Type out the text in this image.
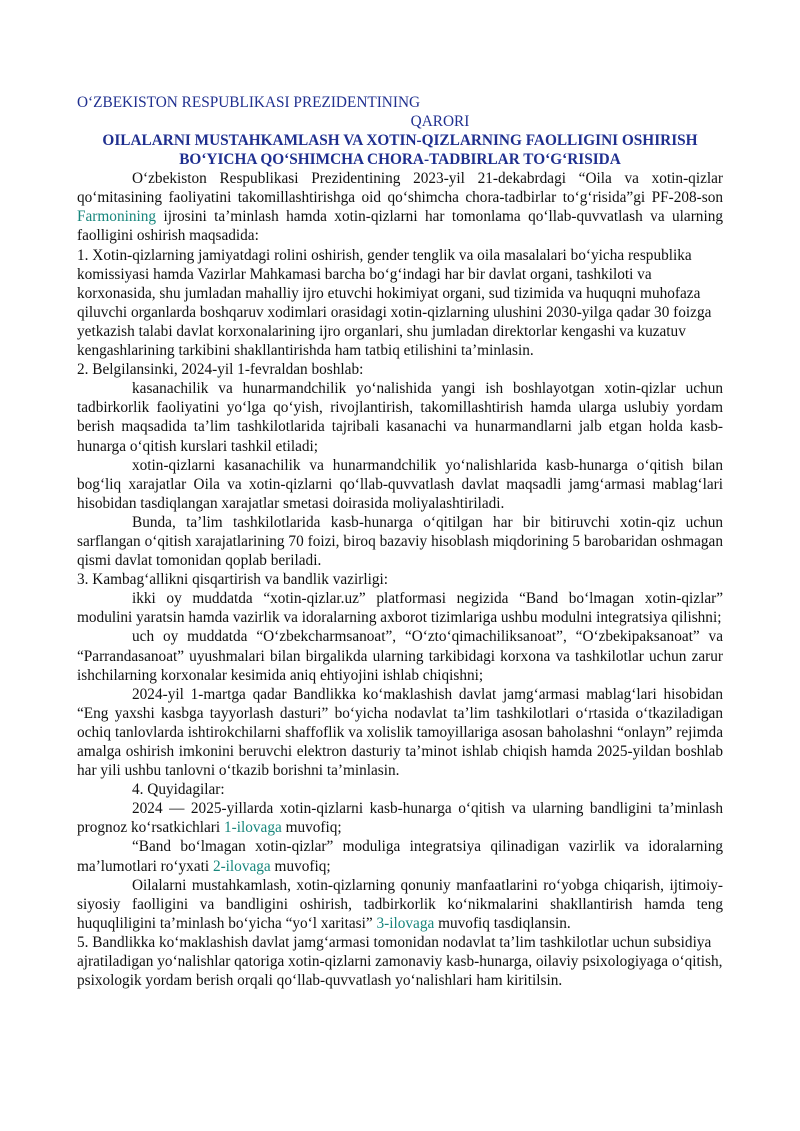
O‘ZBEKISTON RESPUBLIKASI PREZIDENTINING
QARORI
OILALARNI MUSTAHKAMLASH VA XOTIN-QIZLARNING FAOLLIGINI OSHIRISH
BO‘YICHA QO‘SHIMCHA CHORA-TADBIRLAR TO‘G‘RISIDA

O‘zbekiston Respublikasi Prezidentining 2023-yil 21-dekabrdagi “Oila va xotin-qizlar qo‘mitasining faoliyatini takomillashtirishga oid qo‘shimcha chora-tadbirlar to‘g‘risida”gi PF-208-son Farmonining ijrosini ta’minlash hamda xotin-qizlarni har tomonlama qo‘llab-quvvatlash va ularning faolligini oshirish maqsadida:

1. Xotin-qizlarning jamiyatdagi rolini oshirish, gender tenglik va oila masalalari bo‘yicha respublika komissiyasi hamda Vazirlar Mahkamasi barcha bo‘g‘indagi har bir davlat organi, tashkiloti va korxonasida, shu jumladan mahalliy ijro etuvchi hokimiyat organi, sud tizimida va huquqni muhofaza qiluvchi organlarda boshqaruv xodimlari orasidagi xotin-qizlarning ulushini 2030-yilga qadar 30 foizga yetkazish talabi davlat korxonalarining ijro organlari, shu jumladan direktorlar kengashi va kuzatuv kengashlarining tarkibini shakllantirishda ham tatbiq etilishini ta’minlasin.

2. Belgilansinki, 2024-yil 1-fevraldan boshlab:

kasanachilik va hunarmandchilik yo‘nalishida yangi ish boshlayotgan xotin-qizlar uchun tadbirkorlik faoliyatini yo‘lga qo‘yish, rivojlantirish, takomillashtirish hamda ularga uslubiy yordam berish maqsadida ta’lim tashkilotlarida tajribali kasanachi va hunarmandlarni jalb etgan holda kasb-hunarga o‘qitish kurslari tashkil etiladi;

xotin-qizlarni kasanachilik va hunarmandchilik yo‘nalishlarida kasb-hunarga o‘qitish bilan bog‘liq xarajatlar Oila va xotin-qizlarni qo‘llab-quvvatlash davlat maqsadli jamg‘armasi mablag‘lari hisobidan tasdiqlangan xarajatlar smetasi doirasida moliyalashtiriladi.

Bunda, ta’lim tashkilotlarida kasb-hunarga o‘qitilgan har bir bitiruvchi xotin-qiz uchun sarflangan o‘qitish xarajatlarining 70 foizi, biroq bazaviy hisoblash miqdorining 5 barobaridan oshmagan qismi davlat tomonidan qoplab beriladi.

3. Kambag‘allikni qisqartirish va bandlik vazirligi:

ikki oy muddatda “xotin-qizlar.uz” platformasi negizida “Band bo‘lmagan xotin-qizlar” modulini yaratsin hamda vazirlik va idoralarning axborot tizimlariga ushbu modulni integratsiya qilishni;

uch oy muddatda “O‘zbekcharmsanoat”, “O‘zto‘qimachiliksanoat”, “O‘zbekipaksanoat” va “Parrandasanoat” uyushmalari bilan birgalikda ularning tarkibidagi korxona va tashkilotlar uchun zarur ishchilarning korxonalar kesimida aniq ehtiyojini ishlab chiqishni;

2024-yil 1-martga qadar Bandlikka ko‘maklashish davlat jamg‘armasi mablag‘lari hisobidan “Eng yaxshi kasbga tayyorlash dasturi” bo‘yicha nodavlat ta’lim tashkilotlari o‘rtasida o‘tkaziladigan ochiq tanlovlarda ishtirokchilarni shaffoflik va xolislik tamoyillariga asosan baholashni “onlayn” rejimda amalga oshirish imkonini beruvchi elektron dasturiy ta’minot ishlab chiqish hamda 2025-yildan boshlab har yili ushbu tanlovni o‘tkazib borishni ta’minlasin.

4. Quyidagilar:

2024 — 2025-yillarda xotin-qizlarni kasb-hunarga o‘qitish va ularning bandligini ta’minlash prognoz ko‘rsatkichlari 1-ilovaga muvofiq;

“Band bo‘lmagan xotin-qizlar” moduliga integratsiya qilinadigan vazirlik va idoralarning ma’lumotlari ro‘yxati 2-ilovaga muvofiq;

Oilalarni mustahkamlash, xotin-qizlarning qonuniy manfaatlarini ro‘yobga chiqarish, ijtimoiy-siyosiy faolligini va bandligini oshirish, tadbirkorlik ko‘nikmalarini shakllantirish hamda teng huquqliligini ta’minlash bo‘yicha “yo‘l xaritasi” 3-ilovaga muvofiq tasdiqlansin.

5. Bandlikka ko‘maklashish davlat jamg‘armasi tomonidan nodavlat ta’lim tashkilotlar uchun subsidiya ajratiladigan yo‘nalishlar qatoriga xotin-qizlarni zamonaviy kasb-hunarga, oilaviy psixologiyaga o‘qitish, psixologik yordam berish orqali qo‘llab-quvvatlash yo‘nalishlari ham kiritilsin.
